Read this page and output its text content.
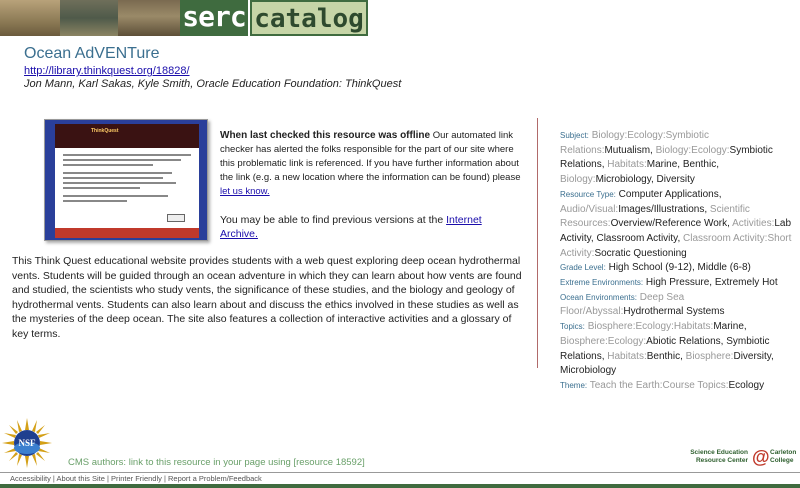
serc catalog
Ocean AdVENTure
http://library.thinkquest.org/18828/
Jon Mann, Karl Sakas, Kyle Smith, Oracle Education Foundation: ThinkQuest
ThinkQuest	When last checked this resource was offline Our automated link checker has alerted the folks responsible for the part of our site where this problematic link is referenced. If you have further information about the link (e.g. a new location where the information can be found) please let us know.
You may be able to find previous versions at the Internet Archive.
This Think Quest educational website provides students with a web quest exploring deep ocean hydrothermal vents. Students will be guided through an ocean adventure in which they can learn about how vents are found and studied, the scientists who study vents, the significance of these studies, and the biology and geology of hydrothermal vents. Students can also learn about and discuss the ethics involved in these studies as well as the mysteries of the deep ocean. The site also features a collection of interactive activities and a glossary of key terms.
Subject: Biology:Ecology:Symbiotic Relations:Mutualism, Biology:Ecology:Symbiotic Relations, Habitats:Marine, Benthic, Biology:Microbiology, Diversity
Resource Type: Computer Applications, Audio/Visual:Images/Illustrations, Scientific Resources:Overview/Reference Work, Activities:Lab Activity, Classroom Activity, Classroom Activity:Short Activity:Socratic Questioning
Grade Level: High School (9-12), Middle (6-8)
Extreme Environments: High Pressure, Extremely Hot
Ocean Environments: Deep Sea Floor/Abyssal:Hydrothermal Systems
Topics: Biosphere:Ecology:Habitats:Marine, Biosphere:Ecology:Abiotic Relations, Symbiotic Relations, Habitats:Benthic, Biosphere:Diversity, Microbiology
Theme: Teach the Earth:Course Topics:Ecology
NSF
CMS authors: link to this resource in your page using [resource 18592]
Science Education Resource Center @ Carleton College
Accessibility | About this Site | Printer Friendly | Report a Problem/Feedback
